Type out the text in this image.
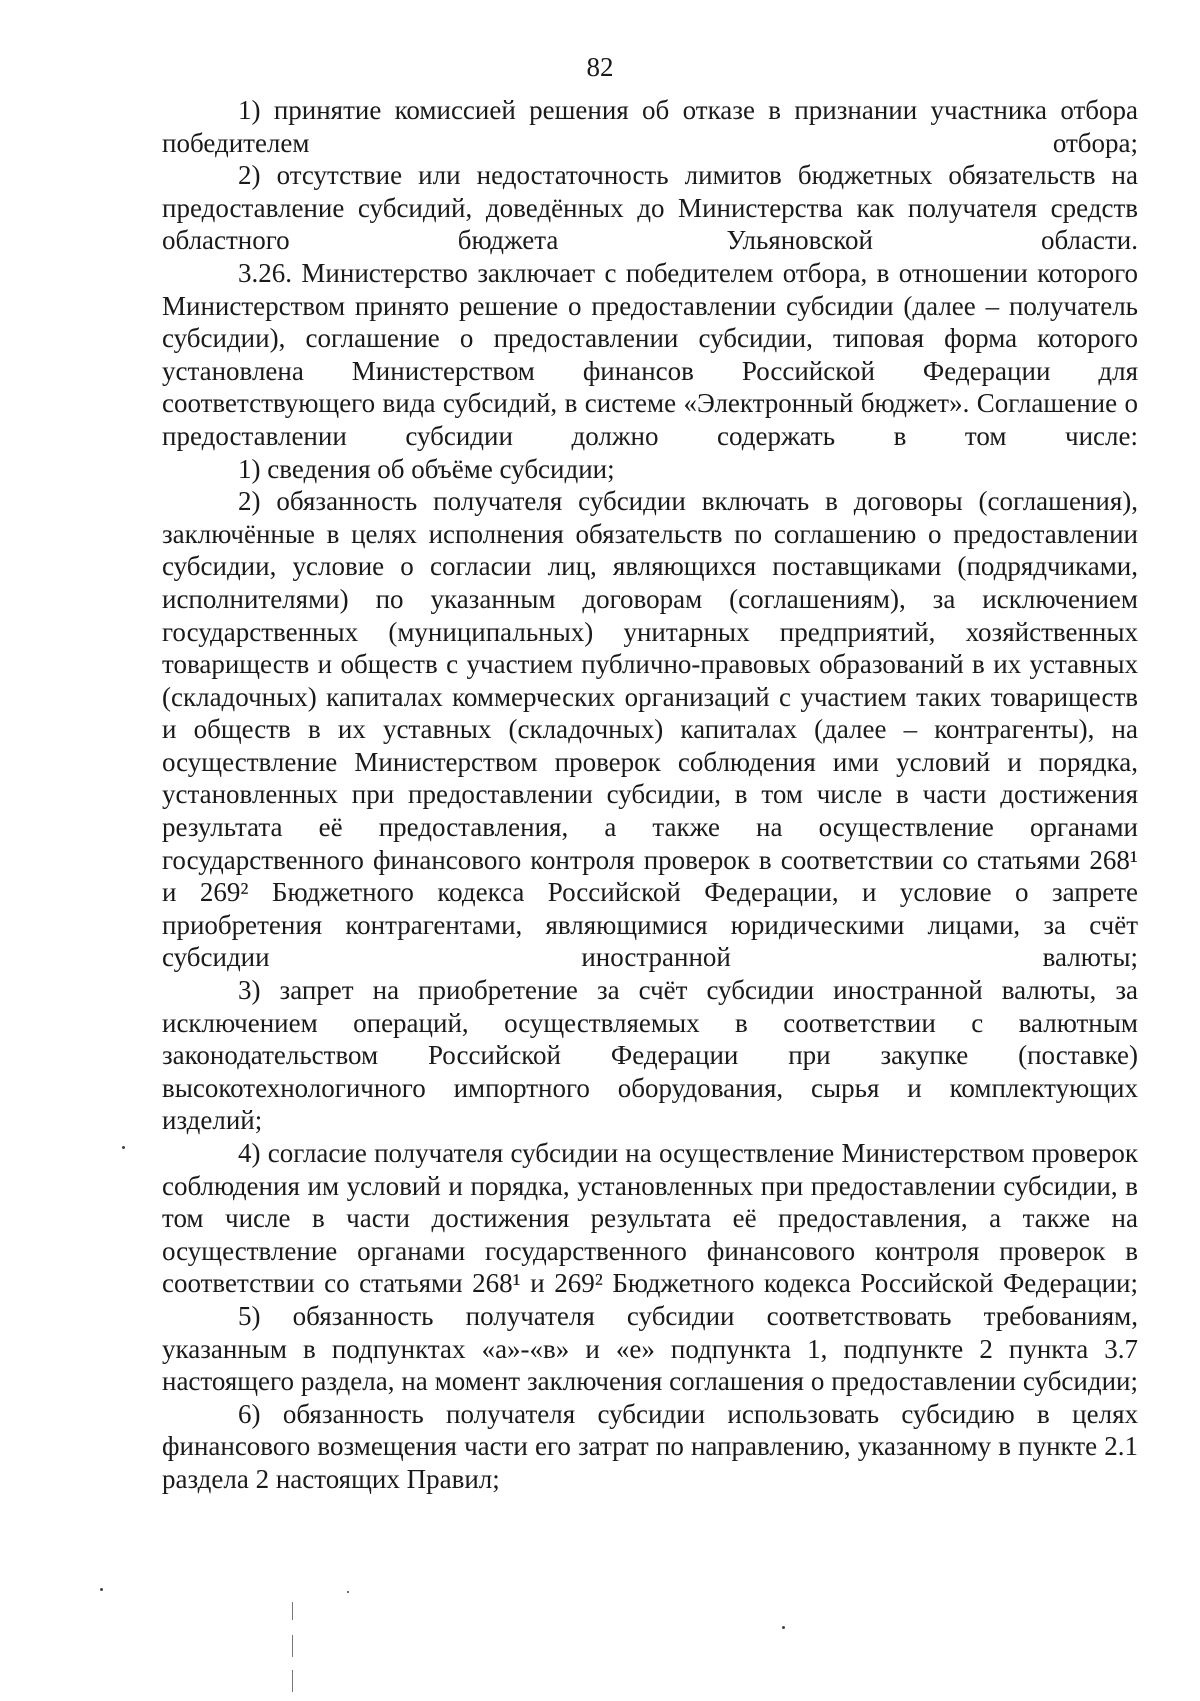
82

1) принятие комиссией решения об отказе в признании участника отбора победителем отбора;

2) отсутствие или недостаточность лимитов бюджетных обязательств на предоставление субсидий, доведённых до Министерства как получателя средств областного бюджета Ульяновской области.

3.26. Министерство заключает с победителем отбора, в отношении которого Министерством принято решение о предоставлении субсидии (далее – получатель субсидии), соглашение о предоставлении субсидии, типовая форма которого установлена Министерством финансов Российской Федерации для соответствующего вида субсидий, в системе «Электронный бюджет». Соглашение о предоставлении субсидии должно содержать в том числе:

1) сведения об объёме субсидии;

2) обязанность получателя субсидии включать в договоры (соглашения), заключённые в целях исполнения обязательств по соглашению о предоставлении субсидии, условие о согласии лиц, являющихся поставщиками (подрядчиками, исполнителями) по указанным договорам (соглашениям), за исключением государственных (муниципальных) унитарных предприятий, хозяйственных товариществ и обществ с участием публично-правовых образований в их уставных (складочных) капиталах коммерческих организаций с участием таких товариществ и обществ в их уставных (складочных) капиталах (далее – контрагенты), на осуществление Министерством проверок соблюдения ими условий и порядка, установленных при предоставлении субсидии, в том числе в части достижения результата её предоставления, а также на осуществление органами государственного финансового контроля проверок в соответствии со статьями 268¹ и 269² Бюджетного кодекса Российской Федерации, и условие о запрете приобретения контрагентами, являющимися юридическими лицами, за счёт субсидии иностранной валюты;

3) запрет на приобретение за счёт субсидии иностранной валюты, за исключением операций, осуществляемых в соответствии с валютным законодательством Российской Федерации при закупке (поставке) высокотехнологичного импортного оборудования, сырья и комплектующих изделий;

4) согласие получателя субсидии на осуществление Министерством проверок соблюдения им условий и порядка, установленных при предоставлении субсидии, в том числе в части достижения результата её предоставления, а также на осуществление органами государственного финансового контроля проверок в соответствии со статьями 268¹ и 269² Бюджетного кодекса Российской Федерации;

5) обязанность получателя субсидии соответствовать требованиям, указанным в подпунктах «а»-«в» и «е» подпункта 1, подпункте 2 пункта 3.7 настоящего раздела, на момент заключения соглашения о предоставлении субсидии;

6) обязанность получателя субсидии использовать субсидию в целях финансового возмещения части его затрат по направлению, указанному в пункте 2.1 раздела 2 настоящих Правил;
